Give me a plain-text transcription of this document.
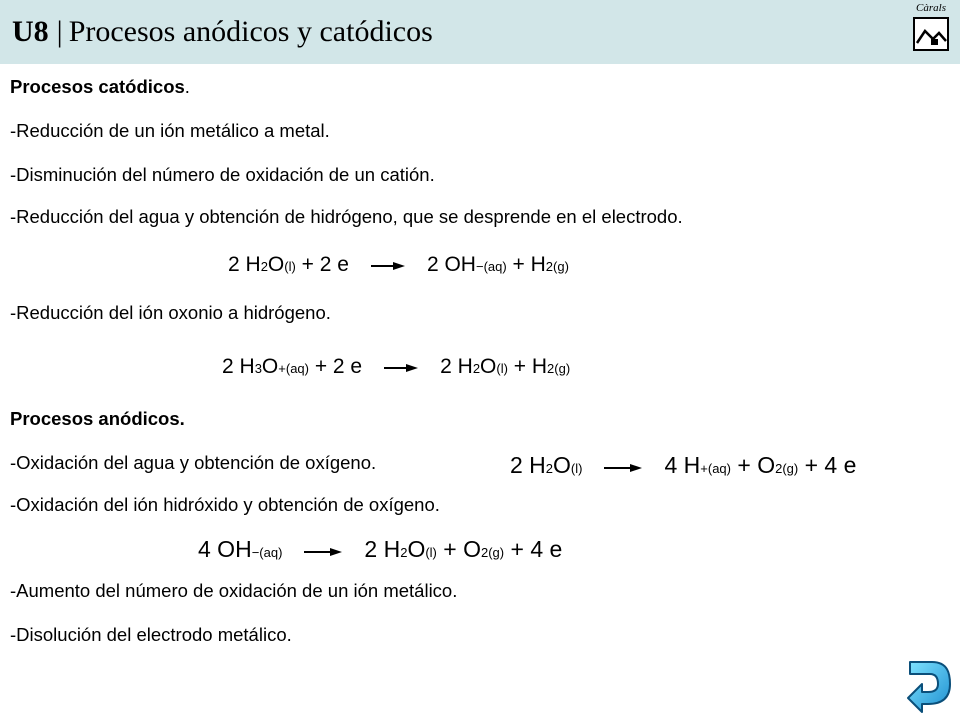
U8 | Procesos anódicos y catódicos
Càrals
Procesos catódicos.
-Reducción de un ión metálico a metal.
-Disminución del número de oxidación de un catión.
-Reducción del agua y obtención de hidrógeno, que se desprende en el electrodo.
2 H 2 O (l) + 2 e → 2 OH − (aq) + H 2(g)
-Reducción del ión oxonio a hidrógeno.
2 H 3 O + (aq) + 2 e → 2 H 2 O (l) + H 2(g)
Procesos anódicos.
-Oxidación del agua y obtención de oxígeno.	2 H 2 O (l) → 4 H + (aq) + O 2(g) + 4 e
-Oxidación del ión hidróxido y obtención de oxígeno.
4 OH − (aq) → 2 H 2 O (l) + O 2(g) + 4 e
-Aumento del número de oxidación de un ión metálico.
-Disolución del electrodo metálico.
